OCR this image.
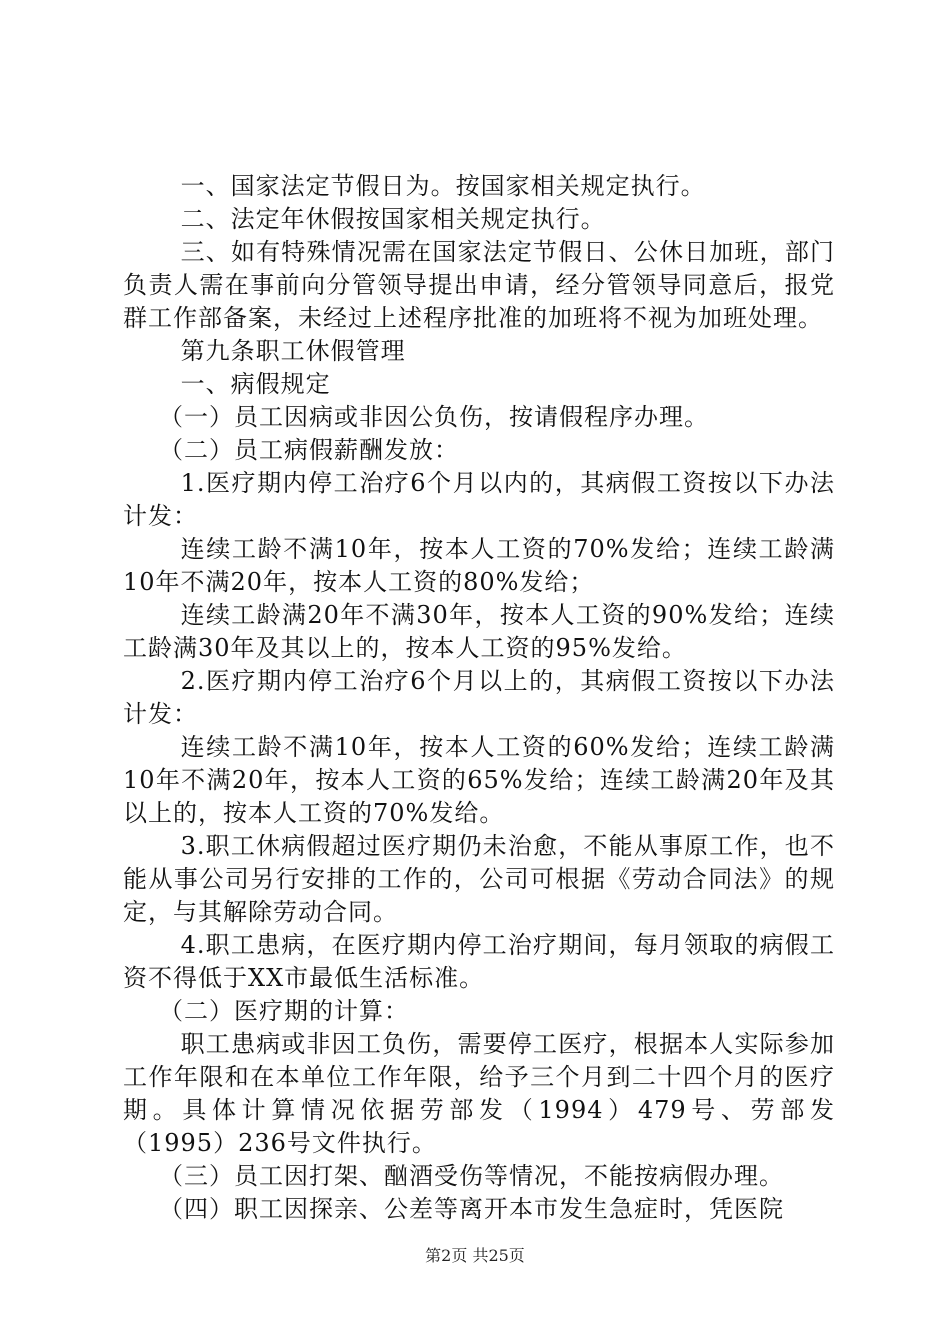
一、国家法定节假日为。按国家相关规定执行。

二、法定年休假按国家相关规定执行。

三、如有特殊情况需在国家法定节假日、公休日加班，部门负责人需在事前向分管领导提出申请，经分管领导同意后，报党群工作部备案，未经过上述程序批准的加班将不视为加班处理。

第九条职工休假管理

一、病假规定

（一）员工因病或非因公负伤，按请假程序办理。

（二）员工病假薪酬发放：

1.医疗期内停工治疗6个月以内的，其病假工资按以下办法计发：

连续工龄不满10年，按本人工资的70%发给；连续工龄满10年不满20年，按本人工资的80%发给；

连续工龄满20年不满30年，按本人工资的90%发给；连续工龄满30年及其以上的，按本人工资的95%发给。

2.医疗期内停工治疗6个月以上的，其病假工资按以下办法计发：

连续工龄不满10年，按本人工资的60%发给；连续工龄满10年不满20年，按本人工资的65%发给；连续工龄满20年及其以上的，按本人工资的70%发给。

3.职工休病假超过医疗期仍未治愈，不能从事原工作，也不能从事公司另行安排的工作的，公司可根据《劳动合同法》的规定，与其解除劳动合同。

4.职工患病，在医疗期内停工治疗期间，每月领取的病假工资不得低于XX市最低生活标准。

（二）医疗期的计算：

职工患病或非因工负伤，需要停工医疗，根据本人实际参加工作年限和在本单位工作年限，给予三个月到二十四个月的医疗期。具体计算情况依据劳部发（1994）479号、劳部发（1995）236号文件执行。

（三）员工因打架、酗酒受伤等情况，不能按病假办理。

（四）职工因探亲、公差等离开本市发生急症时，凭医院

第2页 共25页
